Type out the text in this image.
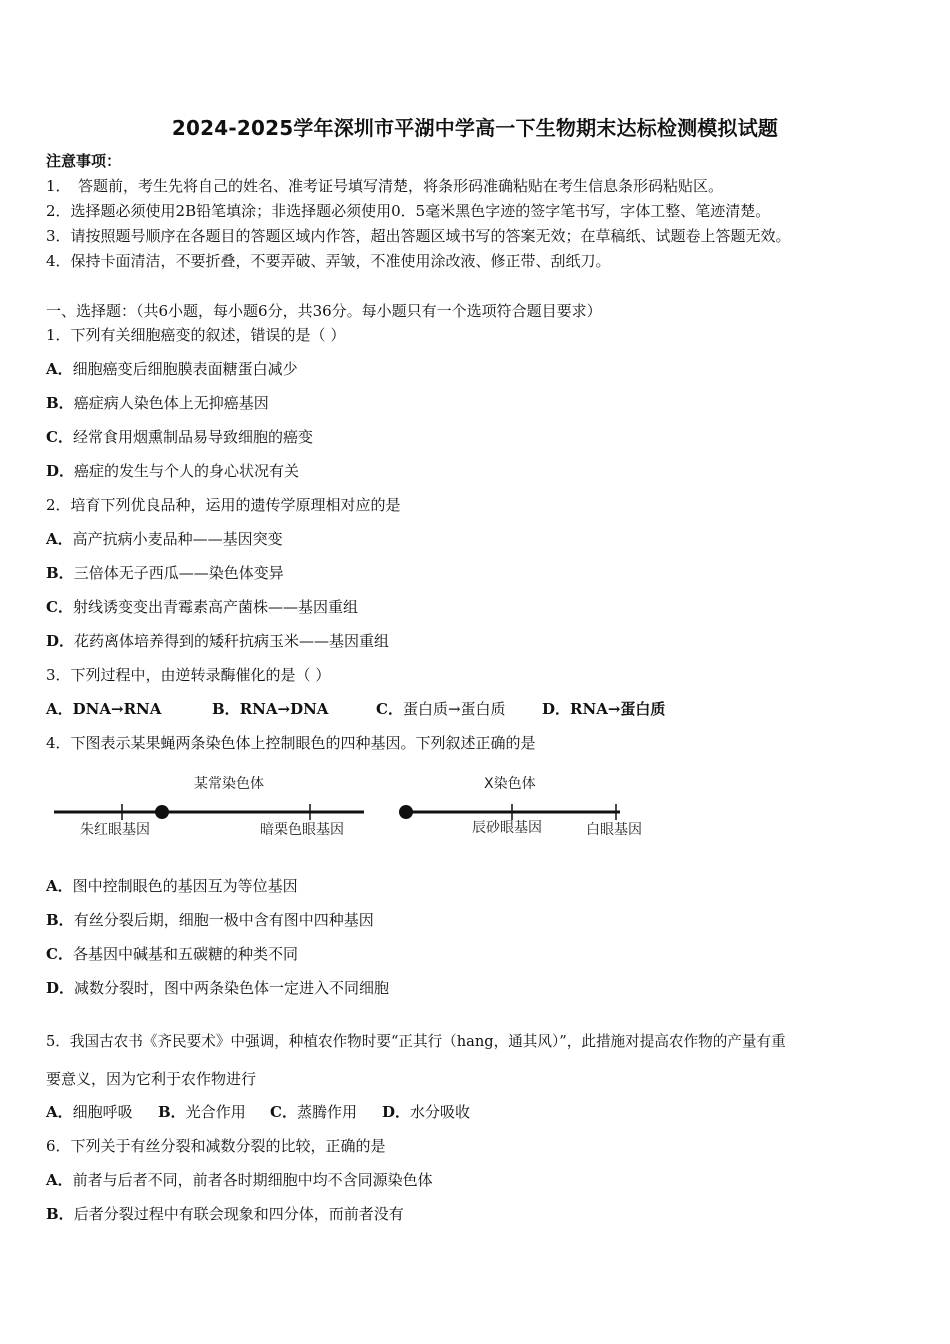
2024-2025学年深圳市平湖中学高一下生物期末达标检测模拟试题
注意事项：
1．　答题前，考生先将自己的姓名、准考证号填写清楚，将条形码准确粘贴在考生信息条形码粘贴区。
2．选择题必须使用2B铅笔填涂；非选择题必须使用0．5毫米黑色字迹的签字笔书写，字体工整、笔迹清楚。
3．请按照题号顺序在各题目的答题区域内作答，超出答题区域书写的答案无效；在草稿纸、试题卷上答题无效。
4．保持卡面清洁，不要折叠，不要弄破、弄皱，不准使用涂改液、修正带、刮纸刀。
一、选择题：（共6小题，每小题6分，共36分。每小题只有一个选项符合题目要求）
1．下列有关细胞癌变的叙述，错误的是（ ）
A．细胞癌变后细胞膜表面糖蛋白减少
B．癌症病人染色体上无抑癌基因
C．经常食用烟熏制品易导致细胞的癌变
D．癌症的发生与个人的身心状况有关
2．培育下列优良品种，运用的遗传学原理相对应的是
A．高产抗病小麦品种——基因突变
B．三倍体无子西瓜——染色体变异
C．射线诱变变出青霉素高产菌株——基因重组
D．花药离体培养得到的矮秆抗病玉米——基因重组
3．下列过程中，由逆转录酶催化的是（ ）
A．DNA→RNA	B．RNA→DNA	C．蛋白质→蛋白质 D．RNA→蛋白质
4．下图表示某果蝇两条染色体上控制眼色的四种基因。下列叙述正确的是
某常染色体
朱红眼基因	暗栗色眼基因
X染色体
辰砂眼基因	白眼基因
A．图中控制眼色的基因互为等位基因
B．有丝分裂后期，细胞一极中含有图中四种基因
C．各基因中碱基和五碳糖的种类不同
D．减数分裂时，图中两条染色体一定进入不同细胞
5．我国古农书《齐民要术》中强调，种植农作物时要“正其行（hang，通其风）”，此措施对提高农作物的产量有重
要意义，因为它利于农作物进行
A．细胞呼吸 B．光合作用 C．蒸腾作用 D．水分吸收
6．下列关于有丝分裂和减数分裂的比较，正确的是
A．前者与后者不同，前者各时期细胞中均不含同源染色体
B．后者分裂过程中有联会现象和四分体，而前者没有
